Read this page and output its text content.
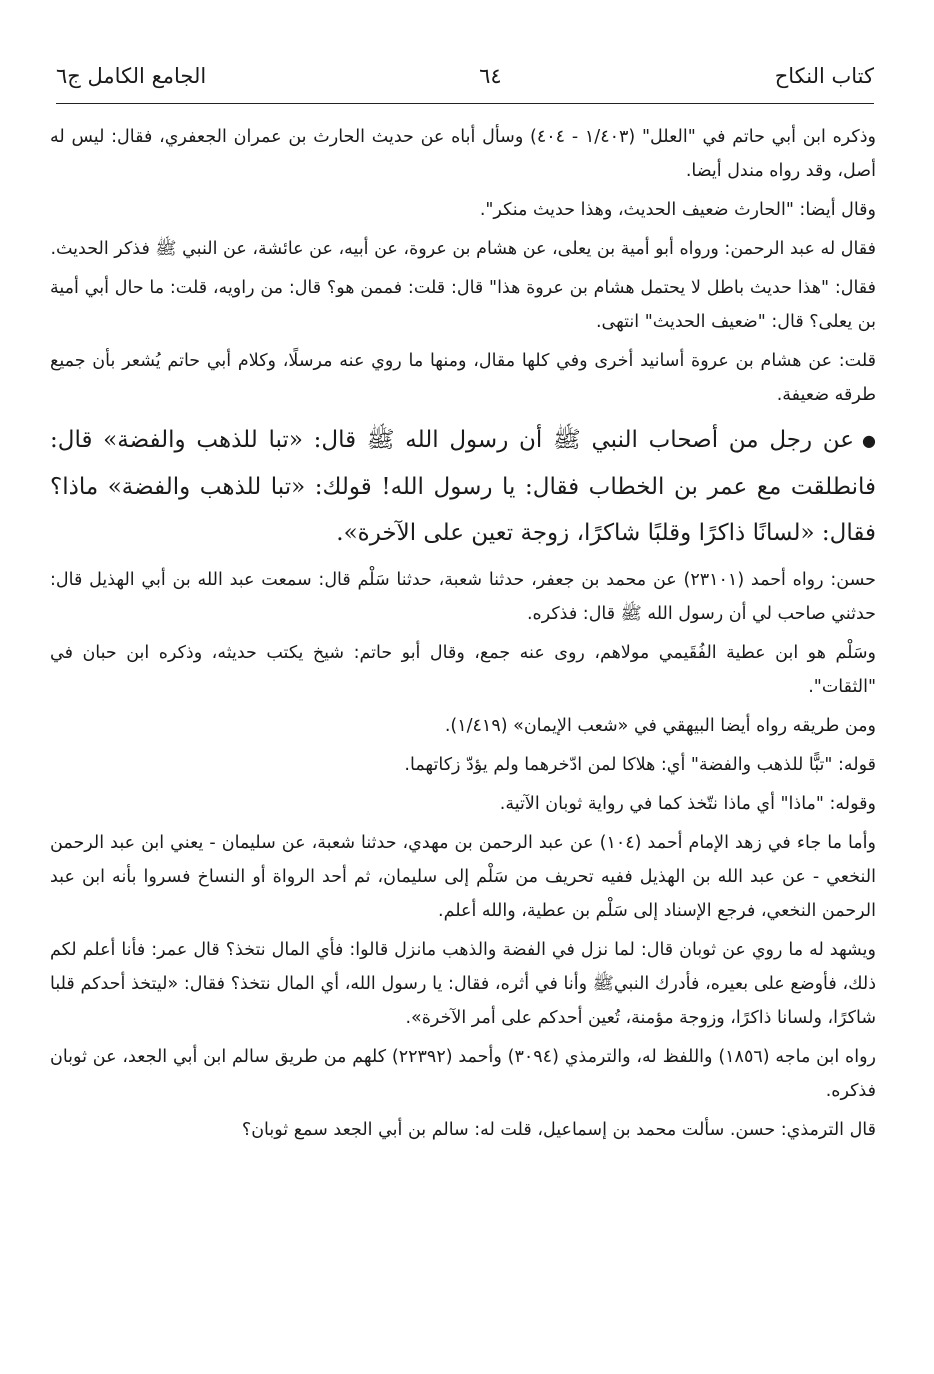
كتاب النكاح
٦٤
الجامع الكامل ج٦

وذكره ابن أبي حاتم في "العلل" (١/٤٠٣ - ٤٠٤) وسأل أباه عن حديث الحارث بن عمران الجعفري، فقال: ليس له أصل، وقد رواه مندل أيضا.

وقال أيضا: "الحارث ضعيف الحديث، وهذا حديث منكر".

فقال له عبد الرحمن: ورواه أبو أمية بن يعلى، عن هشام بن عروة، عن أبيه، عن عائشة، عن النبي ﷺ فذكر الحديث.

فقال: "هذا حديث باطل لا يحتمل هشام بن عروة هذا" قال: قلت: فممن هو؟ قال: من راويه، قلت: ما حال أبي أمية بن يعلى؟ قال: "ضعيف الحديث" انتهى.

قلت: عن هشام بن عروة أسانيد أخرى وفي كلها مقال، ومنها ما روي عنه مرسلًا، وكلام أبي حاتم يُشعر بأن جميع طرقه ضعيفة.

●عن رجل من أصحاب النبي ﷺ أن رسول الله ﷺ قال: «تبا للذهب والفضة» قال: فانطلقت مع عمر بن الخطاب فقال: يا رسول الله! قولك: «تبا للذهب والفضة» ماذا؟ فقال: «لسانًا ذاكرًا وقلبًا شاكرًا، زوجة تعين على الآخرة».

حسن: رواه أحمد (٢٣١٠١) عن محمد بن جعفر، حدثنا شعبة، حدثنا سَلْم قال: سمعت عبد الله بن أبي الهذيل قال: حدثني صاحب لي أن رسول الله ﷺ قال: فذكره.

وسَلْم هو ابن عطية الفُقَيمي مولاهم، روى عنه جمع، وقال أبو حاتم: شيخ يكتب حديثه، وذكره ابن حبان في "الثقات".

ومن طريقه رواه أيضا البيهقي في «شعب الإيمان» (١/٤١٩).

قوله: "تبًّا للذهب والفضة" أي: هلاكا لمن ادّخرهما ولم يؤدّ زكاتهما.

وقوله: "ماذا" أي ماذا نتّخذ كما في رواية ثوبان الآتية.

وأما ما جاء في زهد الإمام أحمد (١٠٤) عن عبد الرحمن بن مهدي، حدثنا شعبة، عن سليمان - يعني ابن عبد الرحمن النخعي - عن عبد الله بن الهذيل ففيه تحريف من سَلْم إلى سليمان، ثم أحد الرواة أو النساخ فسروا بأنه ابن عبد الرحمن النخعي، فرجع الإسناد إلى سَلْم بن عطية، والله أعلم.

ويشهد له ما روي عن ثوبان قال: لما نزل في الفضة والذهب مانزل قالوا: فأي المال نتخذ؟ قال عمر: فأنا أعلم لكم ذلك، فأوضع على بعيره، فأدرك النبيﷺ وأنا في أثره، فقال: يا رسول الله، أي المال نتخذ؟ فقال: «ليتخذ أحدكم قلبا شاكرًا، ولسانا ذاكرًا، وزوجة مؤمنة، تُعين أحدكم على أمر الآخرة».

رواه ابن ماجه (١٨٥٦) واللفظ له، والترمذي (٣٠٩٤) وأحمد (٢٢٣٩٢) كلهم من طريق سالم ابن أبي الجعد، عن ثوبان فذكره.

قال الترمذي: حسن. سألت محمد بن إسماعيل، قلت له: سالم بن أبي الجعد سمع ثوبان؟
